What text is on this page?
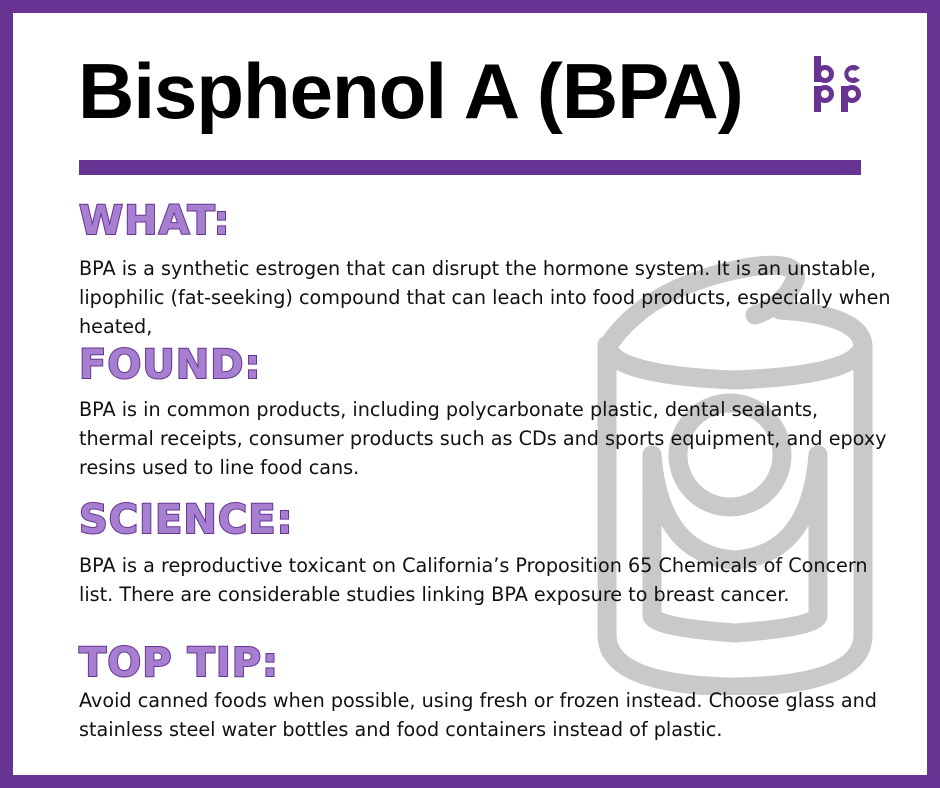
Bisphenol A (BPA)
WHAT:

BPA is a synthetic estrogen that can disrupt the hormone system. It is an unstable, lipophilic (fat-seeking) compound that can leach into food products, especially when heated,

FOUND:

BPA is in common products, including polycarbonate plastic, dental sealants, thermal receipts, consumer products such as CDs and sports equipment, and epoxy resins used to line food cans.

SCIENCE:

BPA is a reproductive toxicant on California’s Proposition 65 Chemicals of Concern list. There are considerable studies linking BPA exposure to breast cancer.

TOP TIP:

Avoid canned foods when possible, using fresh or frozen instead. Choose glass and stainless steel water bottles and food containers instead of plastic.
